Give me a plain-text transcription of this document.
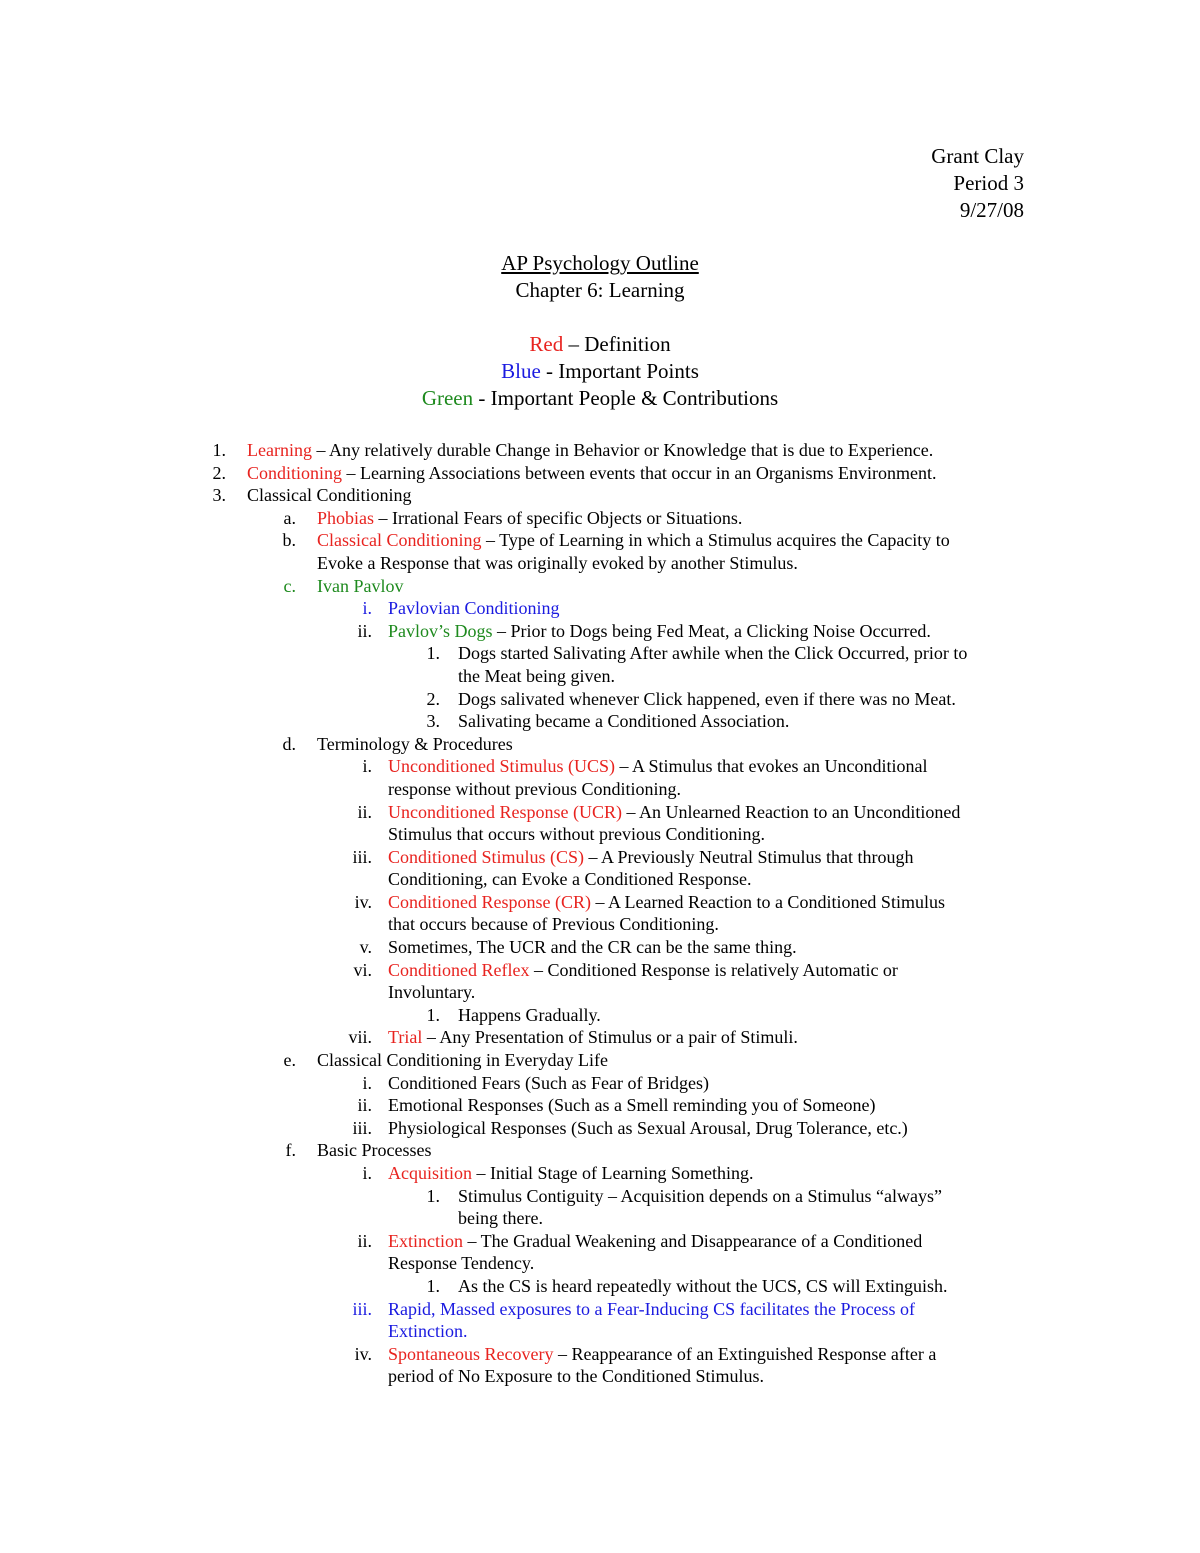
Grant Clay
Period 3
9/27/08
AP Psychology Outline
Chapter 6: Learning
Red – Definition
Blue - Important Points
Green - Important People & Contributions
1. Learning – Any relatively durable Change in Behavior or Knowledge that is due to Experience.
2. Conditioning – Learning Associations between events that occur in an Organisms Environment.
3. Classical Conditioning
a. Phobias – Irrational Fears of specific Objects or Situations.
b. Classical Conditioning – Type of Learning in which a Stimulus acquires the Capacity to
Evoke a Response that was originally evoked by another Stimulus.
c. Ivan Pavlov
i. Pavlovian Conditioning
ii. Pavlov’s Dogs – Prior to Dogs being Fed Meat, a Clicking Noise Occurred.
1. Dogs started Salivating After awhile when the Click Occurred, prior to
the Meat being given.
2. Dogs salivated whenever Click happened, even if there was no Meat.
3. Salivating became a Conditioned Association.
d. Terminology & Procedures
i. Unconditioned Stimulus (UCS) – A Stimulus that evokes an Unconditional
response without previous Conditioning.
ii. Unconditioned Response (UCR) – An Unlearned Reaction to an Unconditioned
Stimulus that occurs without previous Conditioning.
iii. Conditioned Stimulus (CS) – A Previously Neutral Stimulus that through
Conditioning, can Evoke a Conditioned Response.
iv. Conditioned Response (CR) – A Learned Reaction to a Conditioned Stimulus
that occurs because of Previous Conditioning.
v. Sometimes, The UCR and the CR can be the same thing.
vi. Conditioned Reflex – Conditioned Response is relatively Automatic or
Involuntary.
1. Happens Gradually.
vii. Trial – Any Presentation of Stimulus or a pair of Stimuli.
e. Classical Conditioning in Everyday Life
i. Conditioned Fears (Such as Fear of Bridges)
ii. Emotional Responses (Such as a Smell reminding you of Someone)
iii. Physiological Responses (Such as Sexual Arousal, Drug Tolerance, etc.)
f. Basic Processes
i. Acquisition – Initial Stage of Learning Something.
1. Stimulus Contiguity – Acquisition depends on a Stimulus “always”
being there.
ii. Extinction – The Gradual Weakening and Disappearance of a Conditioned
Response Tendency.
1. As the CS is heard repeatedly without the UCS, CS will Extinguish.
iii. Rapid, Massed exposures to a Fear-Inducing CS facilitates the Process of
Extinction.
iv. Spontaneous Recovery – Reappearance of an Extinguished Response after a
period of No Exposure to the Conditioned Stimulus.
